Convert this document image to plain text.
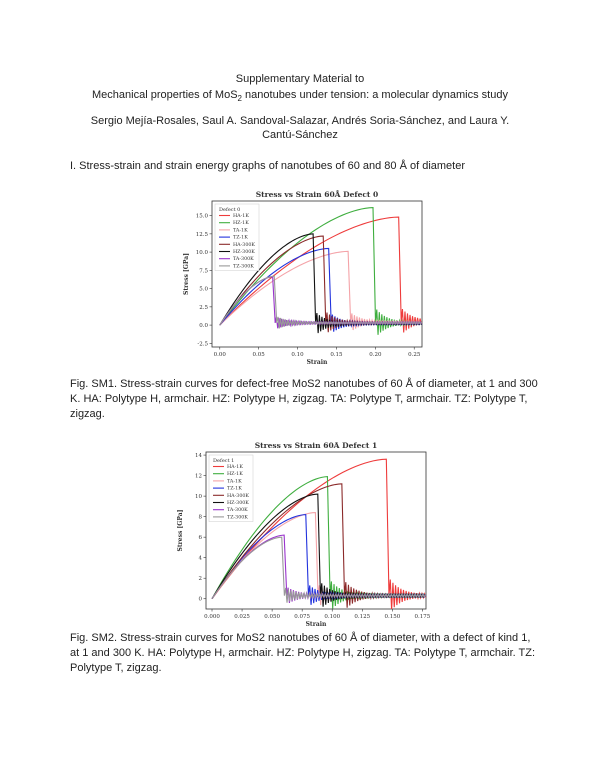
Supplementary Material to
Mechanical properties of MoS$_2$ nanotubes under tension: a molecular dynamics study
Sergio Mejía-Rosales, Saul A. Sandoval-Salazar, Andrés Soria-Sánchez, and Laura Y. Cantú-Sánchez
I. Stress-strain and strain energy graphs of nanotubes of 60 and 80 Å of diameter
Stress vs Strain 60Å Defect 0
0.00	0.05	0.10	0.15	0.20	0.25
-2.5
0.0
2.5
5.0
7.5
10.0
12.5
15.0
Strain
Stress [GPa]
Defect 0
HA-1K
HZ-1K
TA-1K
TZ-1K
HA-300K
HZ-300K
TA-300K
TZ-300K
Fig. SM1. Stress-strain curves for defect-free MoS2 nanotubes of 60 Å of diameter, at 1 and 300 K. HA: Polytype H, armchair. HZ: Polytype H, zigzag. TA: Polytype T, armchair. TZ: Polytype T, zigzag.
Stress vs Strain 60Å Defect 1
0.000	0.025	0.050	0.075	0.100	0.125	0.150	0.175
0
2
4
6
8
10
12
14
Strain
Stress [GPa]
Defect 1
HA-1K
HZ-1K
TA-1K
TZ-1K
HA-300K
HZ-300K
TA-300K
TZ-300K
Fig. SM2. Stress-strain curves for MoS2 nanotubes of 60 Å of diameter, with a defect of kind 1, at 1 and 300 K. HA: Polytype H, armchair. HZ: Polytype H, zigzag. TA: Polytype T, armchair. TZ: Polytype T, zigzag.
